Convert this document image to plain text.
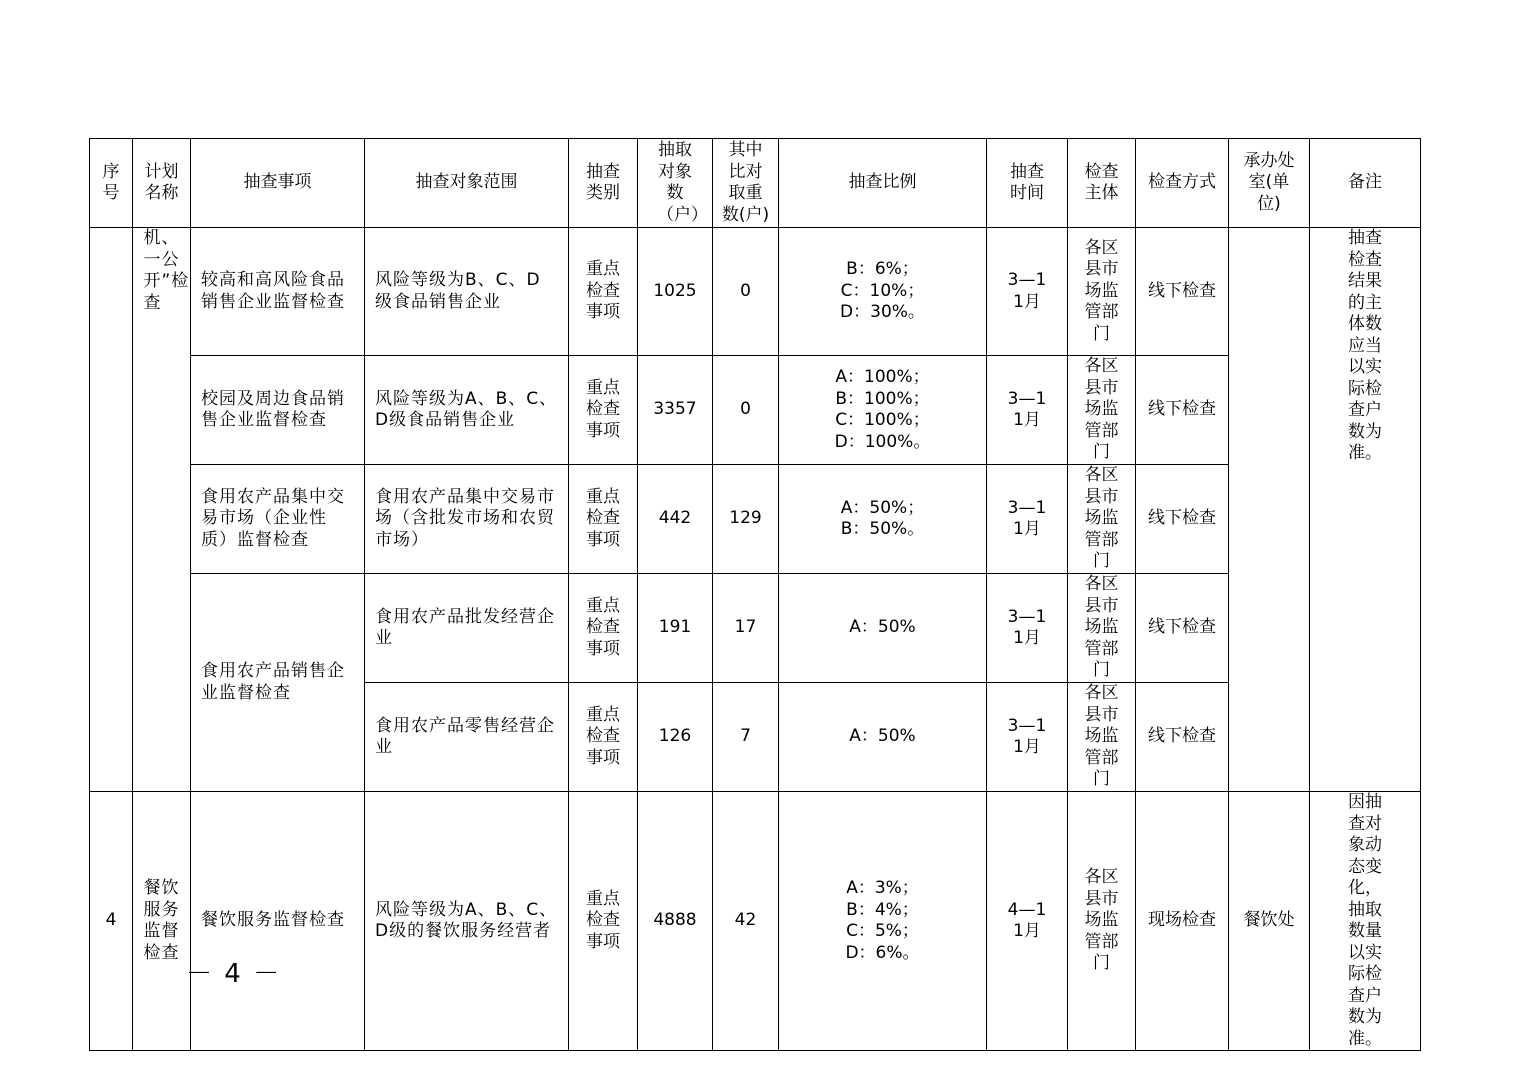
序号	计划名称	抽查事项	抽查对象范围	抽查类别	抽取对象数（户）	其中比对取重数(户)	抽查比例	抽查时间	检查主体	检查方式	承办处室(单位)	备注

	机、一公开”检查	较高和高风险食品销售企业监督检查	风险等级为B、C、D级食品销售企业	重点检查事项	1025	0	B：6%；
C：10%；
D：30%。	3—11月	各区县市场监管部门	线下检查		抽查检查结果的主体数应当以实际检查户数为准。

		校园及周边食品销售企业监督检查	风险等级为A、B、C、D级食品销售企业	重点检查事项	3357	0	A：100%；
B：100%；
C：100%；
D：100%。	3—11月	各区县市场监管部门	线下检查		

		食用农产品集中交易市场（企业性质）监督检查	食用农产品集中交易市场（含批发市场和农贸市场）	重点检查事项	442	129	A：50%；
B：50%。	3—11月	各区县市场监管部门	线下检查		

		食用农产品销售企业监督检查	食用农产品批发经营企业	重点检查事项	191	17	A：50%	3—11月	各区县市场监管部门	线下检查		

			食用农产品零售经营企业	重点检查事项	126	7	A：50%	3—11月	各区县市场监管部门	线下检查		
4	餐饮服务监督检查	餐饮服务监督检查	风险等级为A、B、C、D级的餐饮服务经营者	重点检查事项	4888	42	A：3%；
B：4%；
C：5%；
D：6%。	4—11月	各区县市场监管部门	现场检查	餐饮处	因抽查对象动态变化，抽取数量以实际检查户数为准。
－ 4 －
